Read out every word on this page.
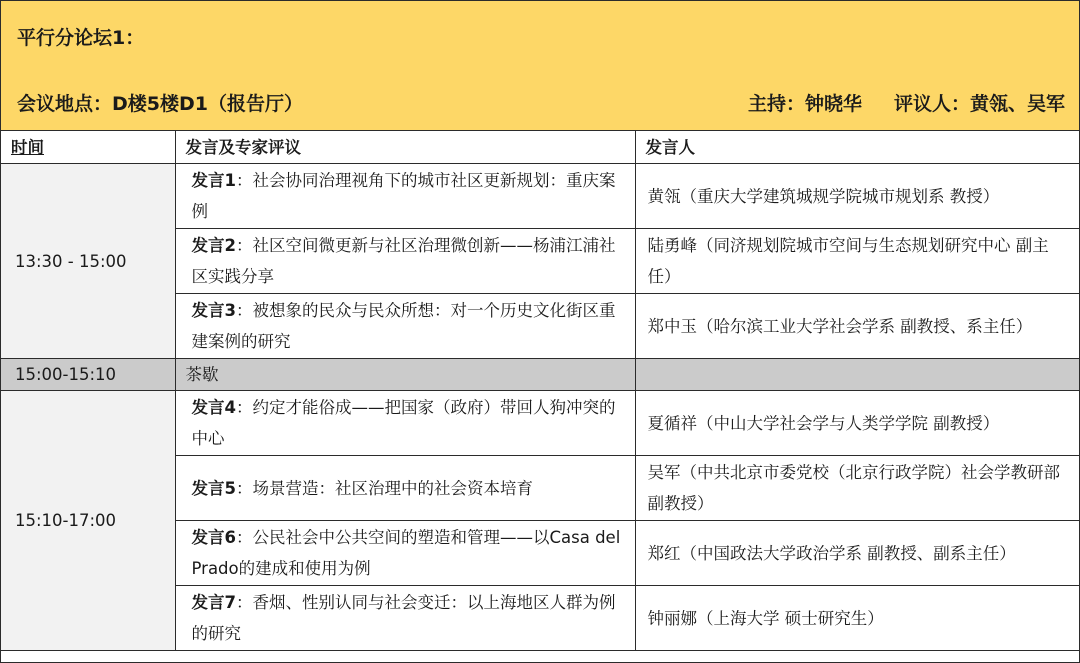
平行分论坛1：
会议地点：D楼5楼D1（报告厅）	主持：钟晓华 评议人：黄瓴、吴军
时间	发言及专家评议	发言人
13:30 - 15:00	发言1：社会协同治理视角下的城市社区更新规划：重庆案例	黄瓴（重庆大学建筑城规学院城市规划系 教授）
	发言2：社区空间微更新与社区治理微创新——杨浦江浦社区实践分享	陆勇峰（同济规划院城市空间与生态规划研究中心 副主任）
	发言3：被想象的民众与民众所想：对一个历史文化街区重建案例的研究	郑中玉（哈尔滨工业大学社会学系 副教授、系主任）
15:00-15:10	茶歇	
15:10-17:00	发言4：约定才能俗成——把国家（政府）带回人狗冲突的中心	夏循祥（中山大学社会学与人类学学院 副教授）
	发言5：场景营造：社区治理中的社会资本培育	吴军（中共北京市委党校（北京行政学院）社会学教研部 副教授）
	发言6：公民社会中公共空间的塑造和管理——以Casa del Prado的建成和使用为例	郑红（中国政法大学政治学系 副教授、副系主任）
	发言7：香烟、性别认同与社会变迁：以上海地区人群为例的研究	钟丽娜（上海大学 硕士研究生）
